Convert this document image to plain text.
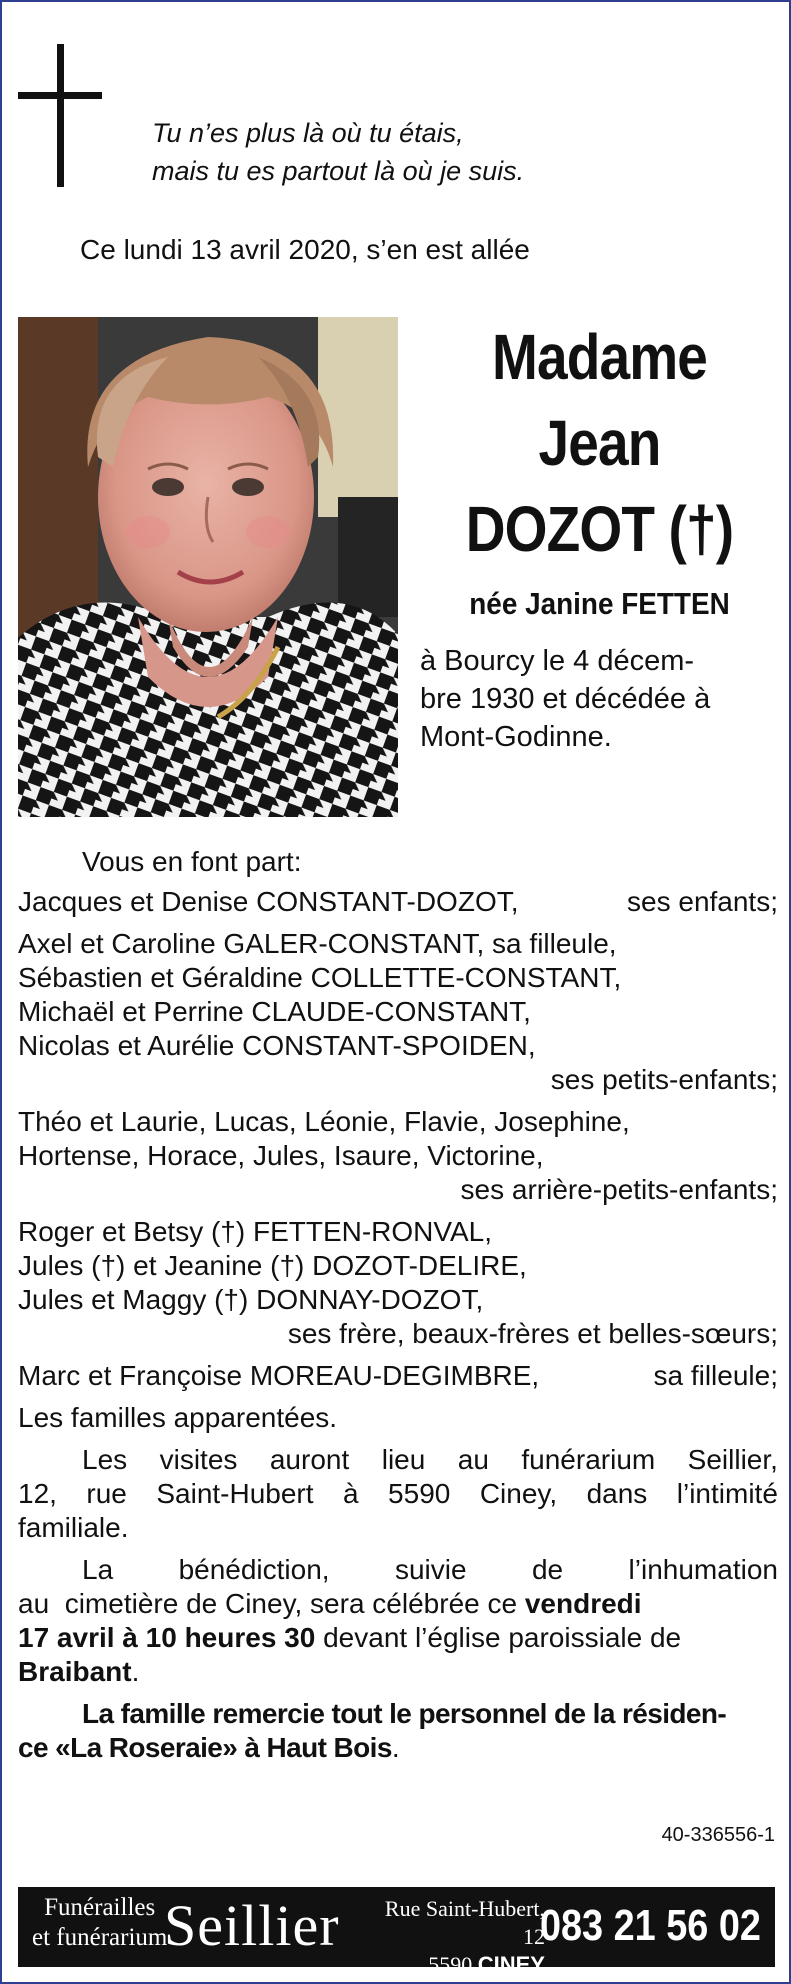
Tu n’es plus là où tu étais,
mais tu es partout là où je suis.
Ce lundi 13 avril 2020, s’en est allée
Madame
Jean
DOZOT (†)
née Janine FETTEN
à Bourcy le 4 décem-
bre 1930 et décédée à
Mont-Godinne.
Vous en font part:
Jacques et Denise CONSTANT-DOZOT,	ses enfants;
Axel et Caroline GALER-CONSTANT, sa filleule,
Sébastien et Géraldine COLLETTE-CONSTANT,
Michaël et Perrine CLAUDE-CONSTANT,
Nicolas et Aurélie CONSTANT-SPOIDEN,
ses petits-enfants;
Théo et Laurie, Lucas, Léonie, Flavie, Josephine,
Hortense, Horace, Jules, Isaure, Victorine,
ses arrière-petits-enfants;
Roger et Betsy (†) FETTEN-RONVAL,
Jules (†) et Jeanine (†) DOZOT-DELIRE,
Jules et Maggy (†) DONNAY-DOZOT,
ses frère, beaux-frères et belles-sœurs;
Marc et Françoise MOREAU-DEGIMBRE,	sa filleule;
Les familles apparentées.
Les visites auront lieu au funérarium Seillier,
12, rue Saint-Hubert à 5590 Ciney, dans l’intimité
familiale.
La bénédiction, suivie de l’inhumation
au  cimetière de Ciney, sera célébrée ce vendredi
17 avril à 10 heures 30 devant l’église paroissiale de
Braibant.
La famille remercie tout le personnel de la résiden-
ce «La Roseraie» à Haut Bois.
40-336556-1
Funérailles
et funérarium
Seillier	Rue Saint-Hubert, 12
5590 CINEY
083 21 56 02
